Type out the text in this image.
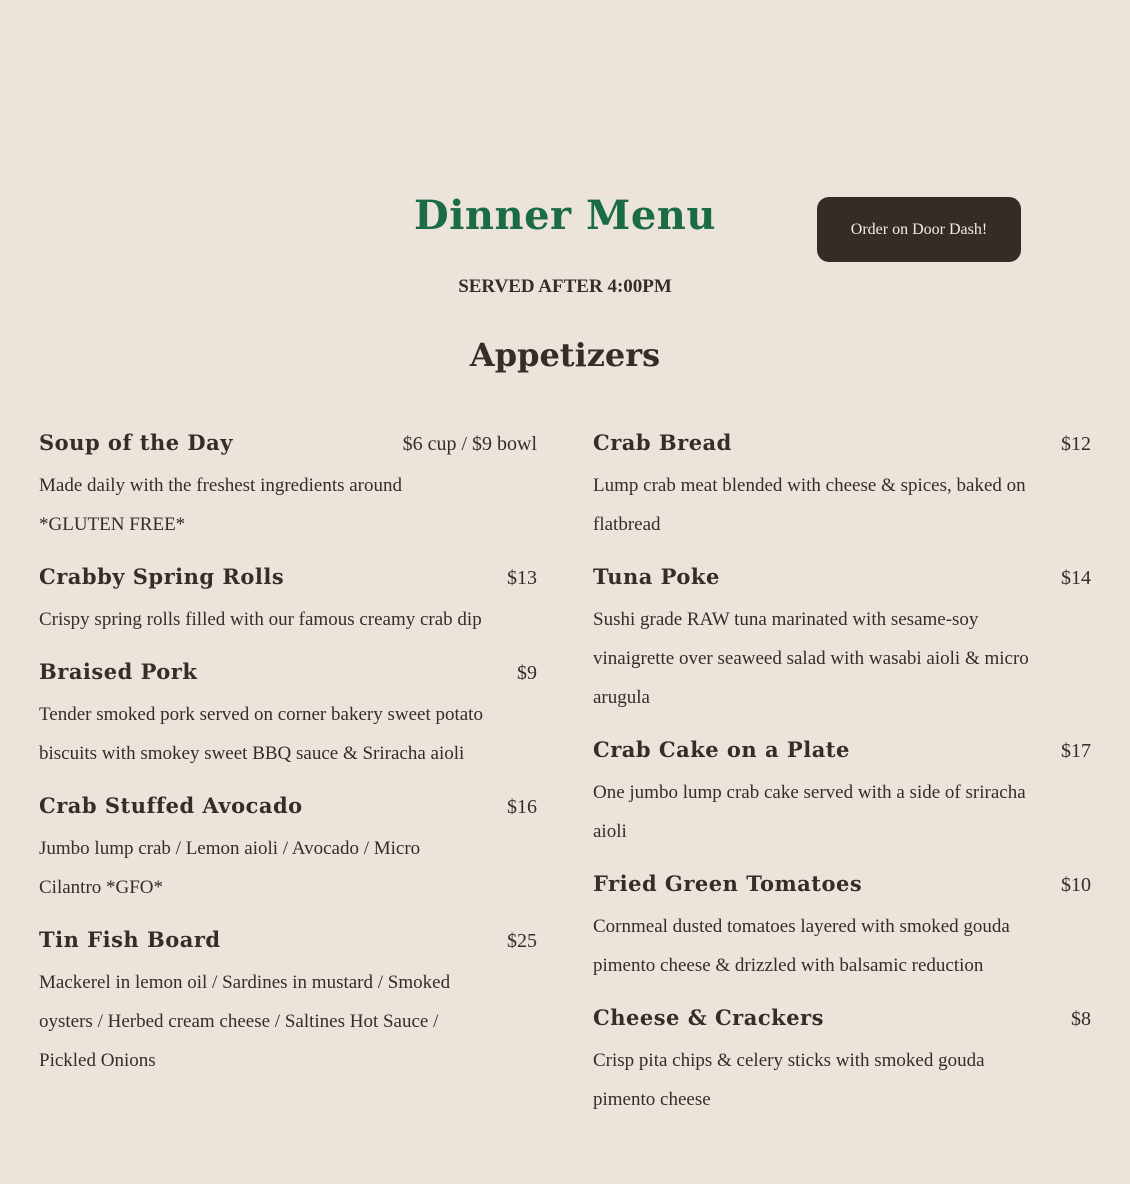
Dinner Menu	Order on Door Dash!
SERVED AFTER 4:00PM
Appetizers
Soup of the Day	$6 cup / $9 bowl

Made daily with the freshest ingredients around *GLUTEN FREE*

Crabby Spring Rolls	$13

Crispy spring rolls filled with our famous creamy crab dip

Braised Pork	$9

Tender smoked pork served on corner bakery sweet potato biscuits with smokey sweet BBQ sauce & Sriracha aioli

Crab Stuffed Avocado	$16

Jumbo lump crab / Lemon aioli / Avocado / Micro Cilantro *GFO*

Tin Fish Board	$25

Mackerel in lemon oil / Sardines in mustard / Smoked oysters / Herbed cream cheese / Saltines Hot Sauce / Pickled Onions

Crab Bread	$12

Lump crab meat blended with cheese & spices, baked on flatbread

Tuna Poke	$14

Sushi grade RAW tuna marinated with sesame-soy vinaigrette over seaweed salad with wasabi aioli & micro arugula

Crab Cake on a Plate	$17

One jumbo lump crab cake served with a side of sriracha aioli

Fried Green Tomatoes	$10

Cornmeal dusted tomatoes layered with smoked gouda pimento cheese & drizzled with balsamic reduction

Cheese & Crackers	$8

Crisp pita chips & celery sticks with smoked gouda pimento cheese
